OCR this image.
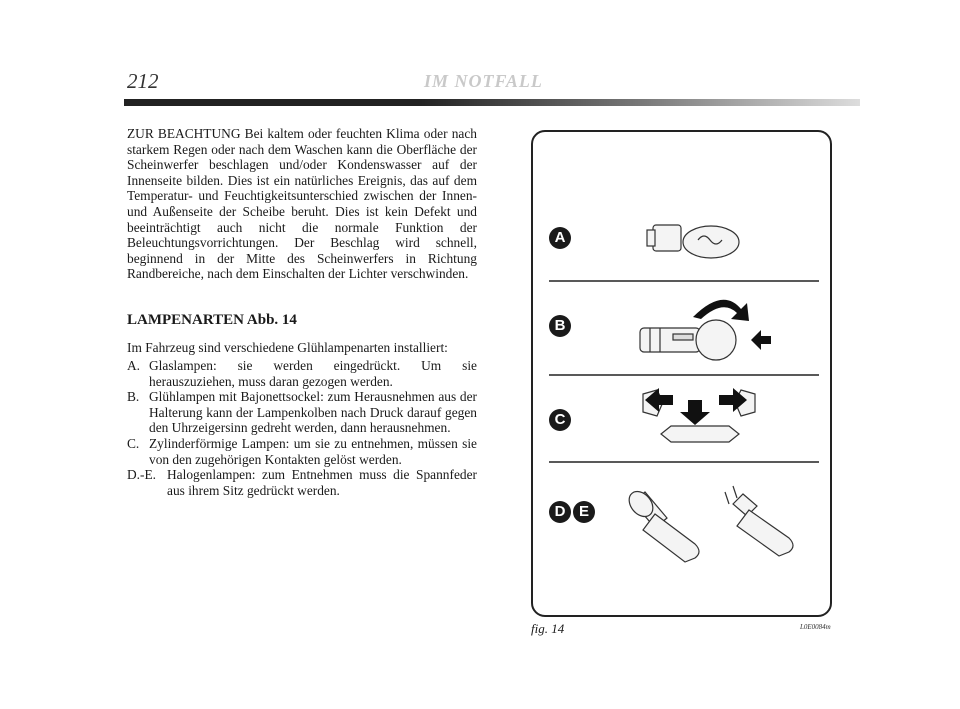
212	IM NOTFALL

ZUR BEACHTUNG Bei kaltem oder feuchten Klima oder nach starkem Regen oder nach dem Waschen kann die Oberfläche der Scheinwerfer beschlagen und/oder Kondenswasser auf der Innenseite bilden. Dies ist ein natürliches Ereignis, das auf dem Temperatur- und Feuchtigkeitsunterschied zwischen der Innen- und Außenseite der Scheibe beruht. Dies ist kein Defekt und beeinträchtigt auch nicht die normale Funktion der Beleuchtungsvorrichtungen. Der Beschlag wird schnell, beginnend in der Mitte des Scheinwerfers in Richtung Randbereiche, nach dem Einschalten der Lichter verschwinden.

LAMPENARTEN Abb. 14
Im Fahrzeug sind verschiedene Glühlampenarten installiert:
A. Glaslampen: sie werden eingedrückt. Um sie herauszuziehen, muss daran gezogen werden.
B. Glühlampen mit Bajonettsockel: zum Herausnehmen aus der Halterung kann der Lampenkolben nach Druck darauf gegen den Uhrzeigersinn gedreht werden, dann herausnehmen.
C. Zylinderförmige Lampen: um sie zu entnehmen, müssen sie von den zugehörigen Kontakten gelöst werden.
D.-E. Halogenlampen: zum Entnehmen muss die Spannfeder aus ihrem Sitz gedrückt werden.
A
B
C
D E
fig. 14	L0E0084m
